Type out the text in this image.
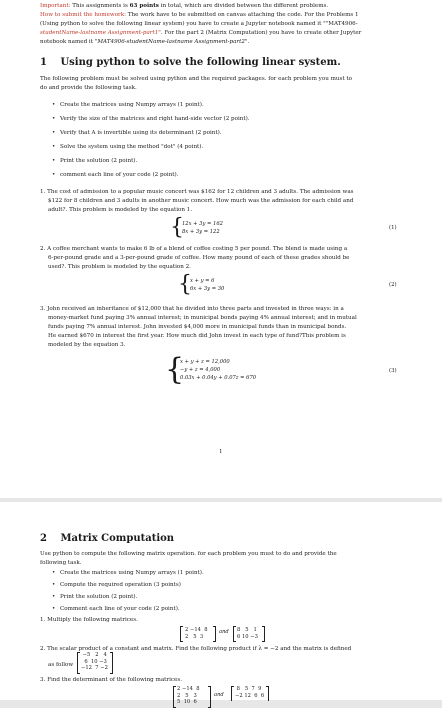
Important: This assignments is 63 points in total, which are divided between the different problems.
How to submit the homework: The work have to be submitted on canvas attaching the code. For the Problems 1
(Using python to solve the following linear system) you have to create a Jupyter notebook named it ""MAT4906-
studentName-lastname Assignment-part1". For the part 2 (Matrix Computation) you have to create other Jupyter
notebook named it "MAT4906-studentName-lastname Assignment-part2".
1 Using python to solve the following linear system.
The following problem must be solved using python and the required packages. for each problem you must to
do and provide the following task.
• Create the matrices using Numpy arrays (1 point).
• Verify the size of the matrices and right hand-side vector (2 point).
• Verify that A is invertible using its determinant (2 point).
• Solve the system using the method "dot" (4 point).
• Print the solution (2 point).
• comment each line of your code (2 point).
1. The cost of admission to a popular music concert was $162 for 12 children and 3 adults. The admission was
$122 for 8 children and 3 adults in another music concert. How much was the admission for each child and
adult?. This problem is modeled by the equation 1.
{
12x + 3y = 162
8x + 3y = 122
(1)
2. A coffee merchant wants to make 6 lb of a blend of coffee costing 5 per pound. The blend is made using a
6-per-pound grade and a 3-per-pound grade of coffee. How many pound of each of these grades should be
used?. This problem is modeled by the equation 2.
{
x + y = 6
6x + 3y = 30
(2)
3. John received an inheritance of $12,000 that he divided into three parts and invested in three ways: in a
money-market fund paying 3% annual interest; in municipal bonds paying 4% annual interest; and in mutual
funds paying 7% annual interest. John invested $4,000 more in municipal funds than in municipal bonds.
He earned $670 in interest the first year. How much did John invest in each type of fund?This problem is
modeled by the equation 3.
{
x + y + z = 12,000
−y + z = 4,000
0.03x + 0.04y + 0.07z = 670
(3)
1
2 Matrix Computation
Use python to compute the following matrix operation. for each problem you must to do and provide the
following task.
• Create the matrices using Numpy arrays (1 point).
• Compute the required operation (3 points)
• Print the solution (2 point).
• Comment each line of your code (2 point).
1. Multiply the following matrices.
2 −14 8
2 5 3
and 8 5 1
6 10 −3
2. The scalar product of a constant and matrix. Find the following product if λ = −2 and the matrix is defined
as follow
−5 2 4
6 10 −3
−12 7 −2
3. Find the determinant of the following matrices.
2 −14 8
2 5 3
5 10 6
and
8 5 7 9
−2 12 6 6
